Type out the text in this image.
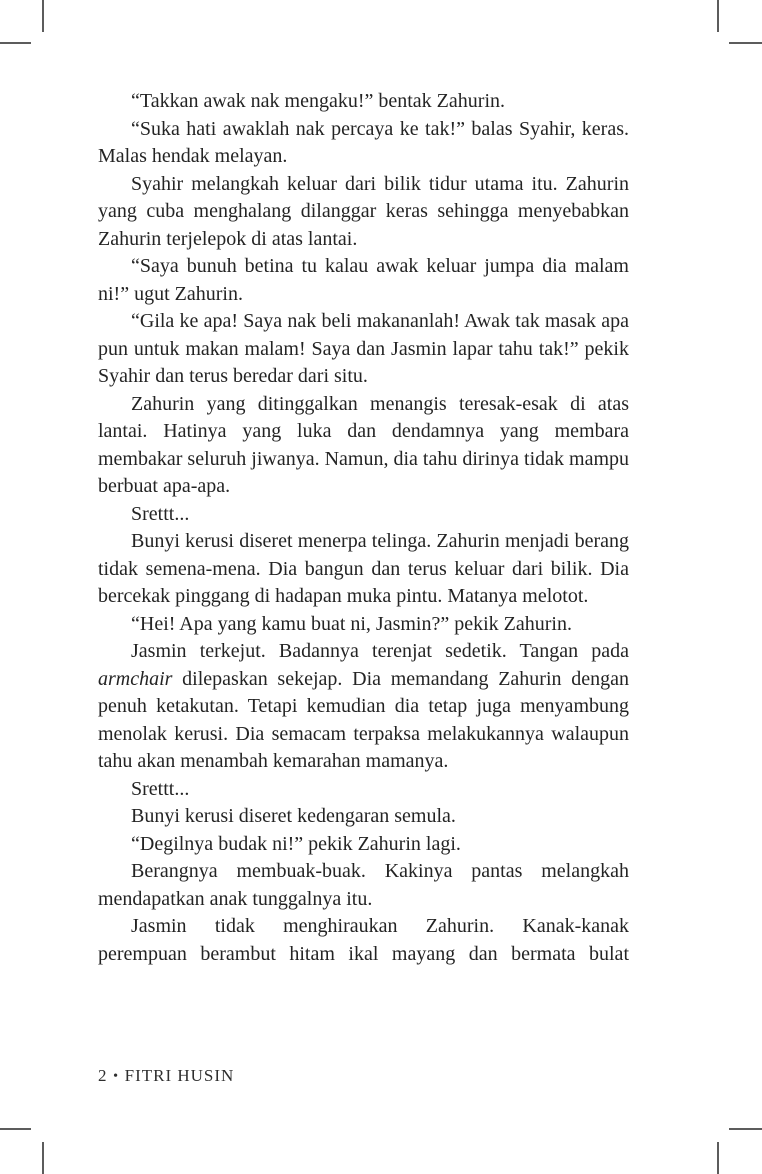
“Takkan awak nak mengaku!” bentak Zahurin.

“Suka hati awaklah nak percaya ke tak!” balas Syahir, keras. Malas hendak melayan.

Syahir melangkah keluar dari bilik tidur utama itu. Zahurin yang cuba menghalang dilanggar keras sehingga menyebabkan Zahurin terjelepok di atas lantai.

“Saya bunuh betina tu kalau awak keluar jumpa dia malam ni!” ugut Zahurin.

“Gila ke apa! Saya nak beli makananlah! Awak tak masak apa pun untuk makan malam! Saya dan Jasmin lapar tahu tak!” pekik Syahir dan terus beredar dari situ.

Zahurin yang ditinggalkan menangis teresak-esak di atas lantai. Hatinya yang luka dan dendamnya yang membara membakar seluruh jiwanya. Namun, dia tahu dirinya tidak mampu berbuat apa-apa.

Srettt...

Bunyi kerusi diseret menerpa telinga. Zahurin menjadi berang tidak semena-mena. Dia bangun dan terus keluar dari bilik. Dia bercekak pinggang di hadapan muka pintu. Matanya melotot.

“Hei! Apa yang kamu buat ni, Jasmin?” pekik Zahurin.

Jasmin terkejut. Badannya terenjat sedetik. Tangan pada armchair dilepaskan sekejap. Dia memandang Zahurin dengan penuh ketakutan. Tetapi kemudian dia tetap juga menyambung menolak kerusi. Dia semacam terpaksa melakukannya walaupun tahu akan menambah kemarahan mamanya.

Srettt...

Bunyi kerusi diseret kedengaran semula.

“Degilnya budak ni!” pekik Zahurin lagi.

Berangnya membuak-buak. Kakinya pantas melangkah mendapatkan anak tunggalnya itu.

Jasmin tidak menghiraukan Zahurin. Kanak-kanak perempuan berambut hitam ikal mayang dan bermata bulat

2 • FITRI HUSIN
